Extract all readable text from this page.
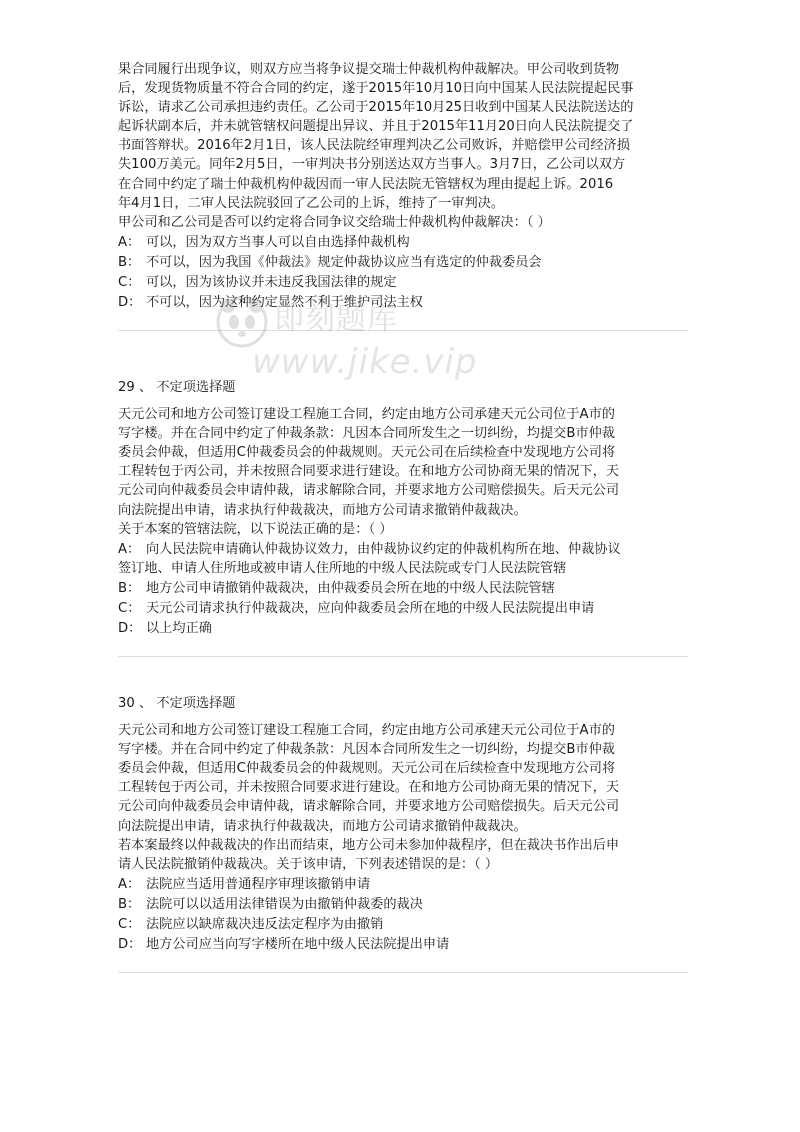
果合同履行出现争议，则双方应当将争议提交瑞士仲裁机构仲裁解决。甲公司收到货物
后，发现货物质量不符合合同的约定，遂于2015年10月10日向中国某人民法院提起民事
诉讼，请求乙公司承担违约责任。乙公司于2015年10月25日收到中国某人民法院送达的
起诉状副本后，并未就管辖权问题提出异议、并且于2015年11月20日向人民法院提交了
书面答辩状。2016年2月1日，该人民法院经审理判决乙公司败诉，并赔偿甲公司经济损
失100万美元。同年2月5日，一审判决书分别送达双方当事人。3月7日，乙公司以双方
在合同中约定了瑞士仲裁机构仲裁因而一审人民法院无管辖权为理由提起上诉。2016
年4月1日，二审人民法院驳回了乙公司的上诉，维持了一审判决。

甲公司和乙公司是否可以约定将合同争议交给瑞士仲裁机构仲裁解决：（ ）

A： 可以，因为双方当事人可以自由选择仲裁机构
B： 不可以，因为我国《仲裁法》规定仲裁协议应当有选定的仲裁委员会
C： 可以，因为该协议并未违反我国法律的规定
D： 不可以，因为这种约定显然不利于维护司法主权

29 、 不定项选择题

天元公司和地方公司签订建设工程施工合同，约定由地方公司承建天元公司位于A市的
写字楼。并在合同中约定了仲裁条款：凡因本合同所发生之一切纠纷，均提交B市仲裁
委员会仲裁，但适用C仲裁委员会的仲裁规则。天元公司在后续检查中发现地方公司将
工程转包于丙公司，并未按照合同要求进行建设。在和地方公司协商无果的情况下，天
元公司向仲裁委员会申请仲裁，请求解除合同，并要求地方公司赔偿损失。后天元公司
向法院提出申请，请求执行仲裁裁决，而地方公司请求撤销仲裁裁决。

关于本案的管辖法院，以下说法正确的是：（ ）

A： 向人民法院申请确认仲裁协议效力，由仲裁协议约定的仲裁机构所在地、仲裁协议
签订地、申请人住所地或被申请人住所地的中级人民法院或专门人民法院管辖
B： 地方公司申请撤销仲裁裁决，由仲裁委员会所在地的中级人民法院管辖
C： 天元公司请求执行仲裁裁决，应向仲裁委员会所在地的中级人民法院提出申请
D： 以上均正确

30 、 不定项选择题

天元公司和地方公司签订建设工程施工合同，约定由地方公司承建天元公司位于A市的
写字楼。并在合同中约定了仲裁条款：凡因本合同所发生之一切纠纷，均提交B市仲裁
委员会仲裁，但适用C仲裁委员会的仲裁规则。天元公司在后续检查中发现地方公司将
工程转包于丙公司，并未按照合同要求进行建设。在和地方公司协商无果的情况下，天
元公司向仲裁委员会申请仲裁，请求解除合同，并要求地方公司赔偿损失。后天元公司
向法院提出申请，请求执行仲裁裁决，而地方公司请求撤销仲裁裁决。
若本案最终以仲裁裁决的作出而结束，地方公司未参加仲裁程序，但在裁决书作出后申
请人民法院撤销仲裁裁决。关于该申请，下列表述错误的是：（ ）

A： 法院应当适用普通程序审理该撤销申请
B： 法院可以以适用法律错误为由撤销仲裁委的裁决
C： 法院应以缺席裁决违反法定程序为由撤销
D： 地方公司应当向写字楼所在地中级人民法院提出申请
即刻题库
www.jike.vip
